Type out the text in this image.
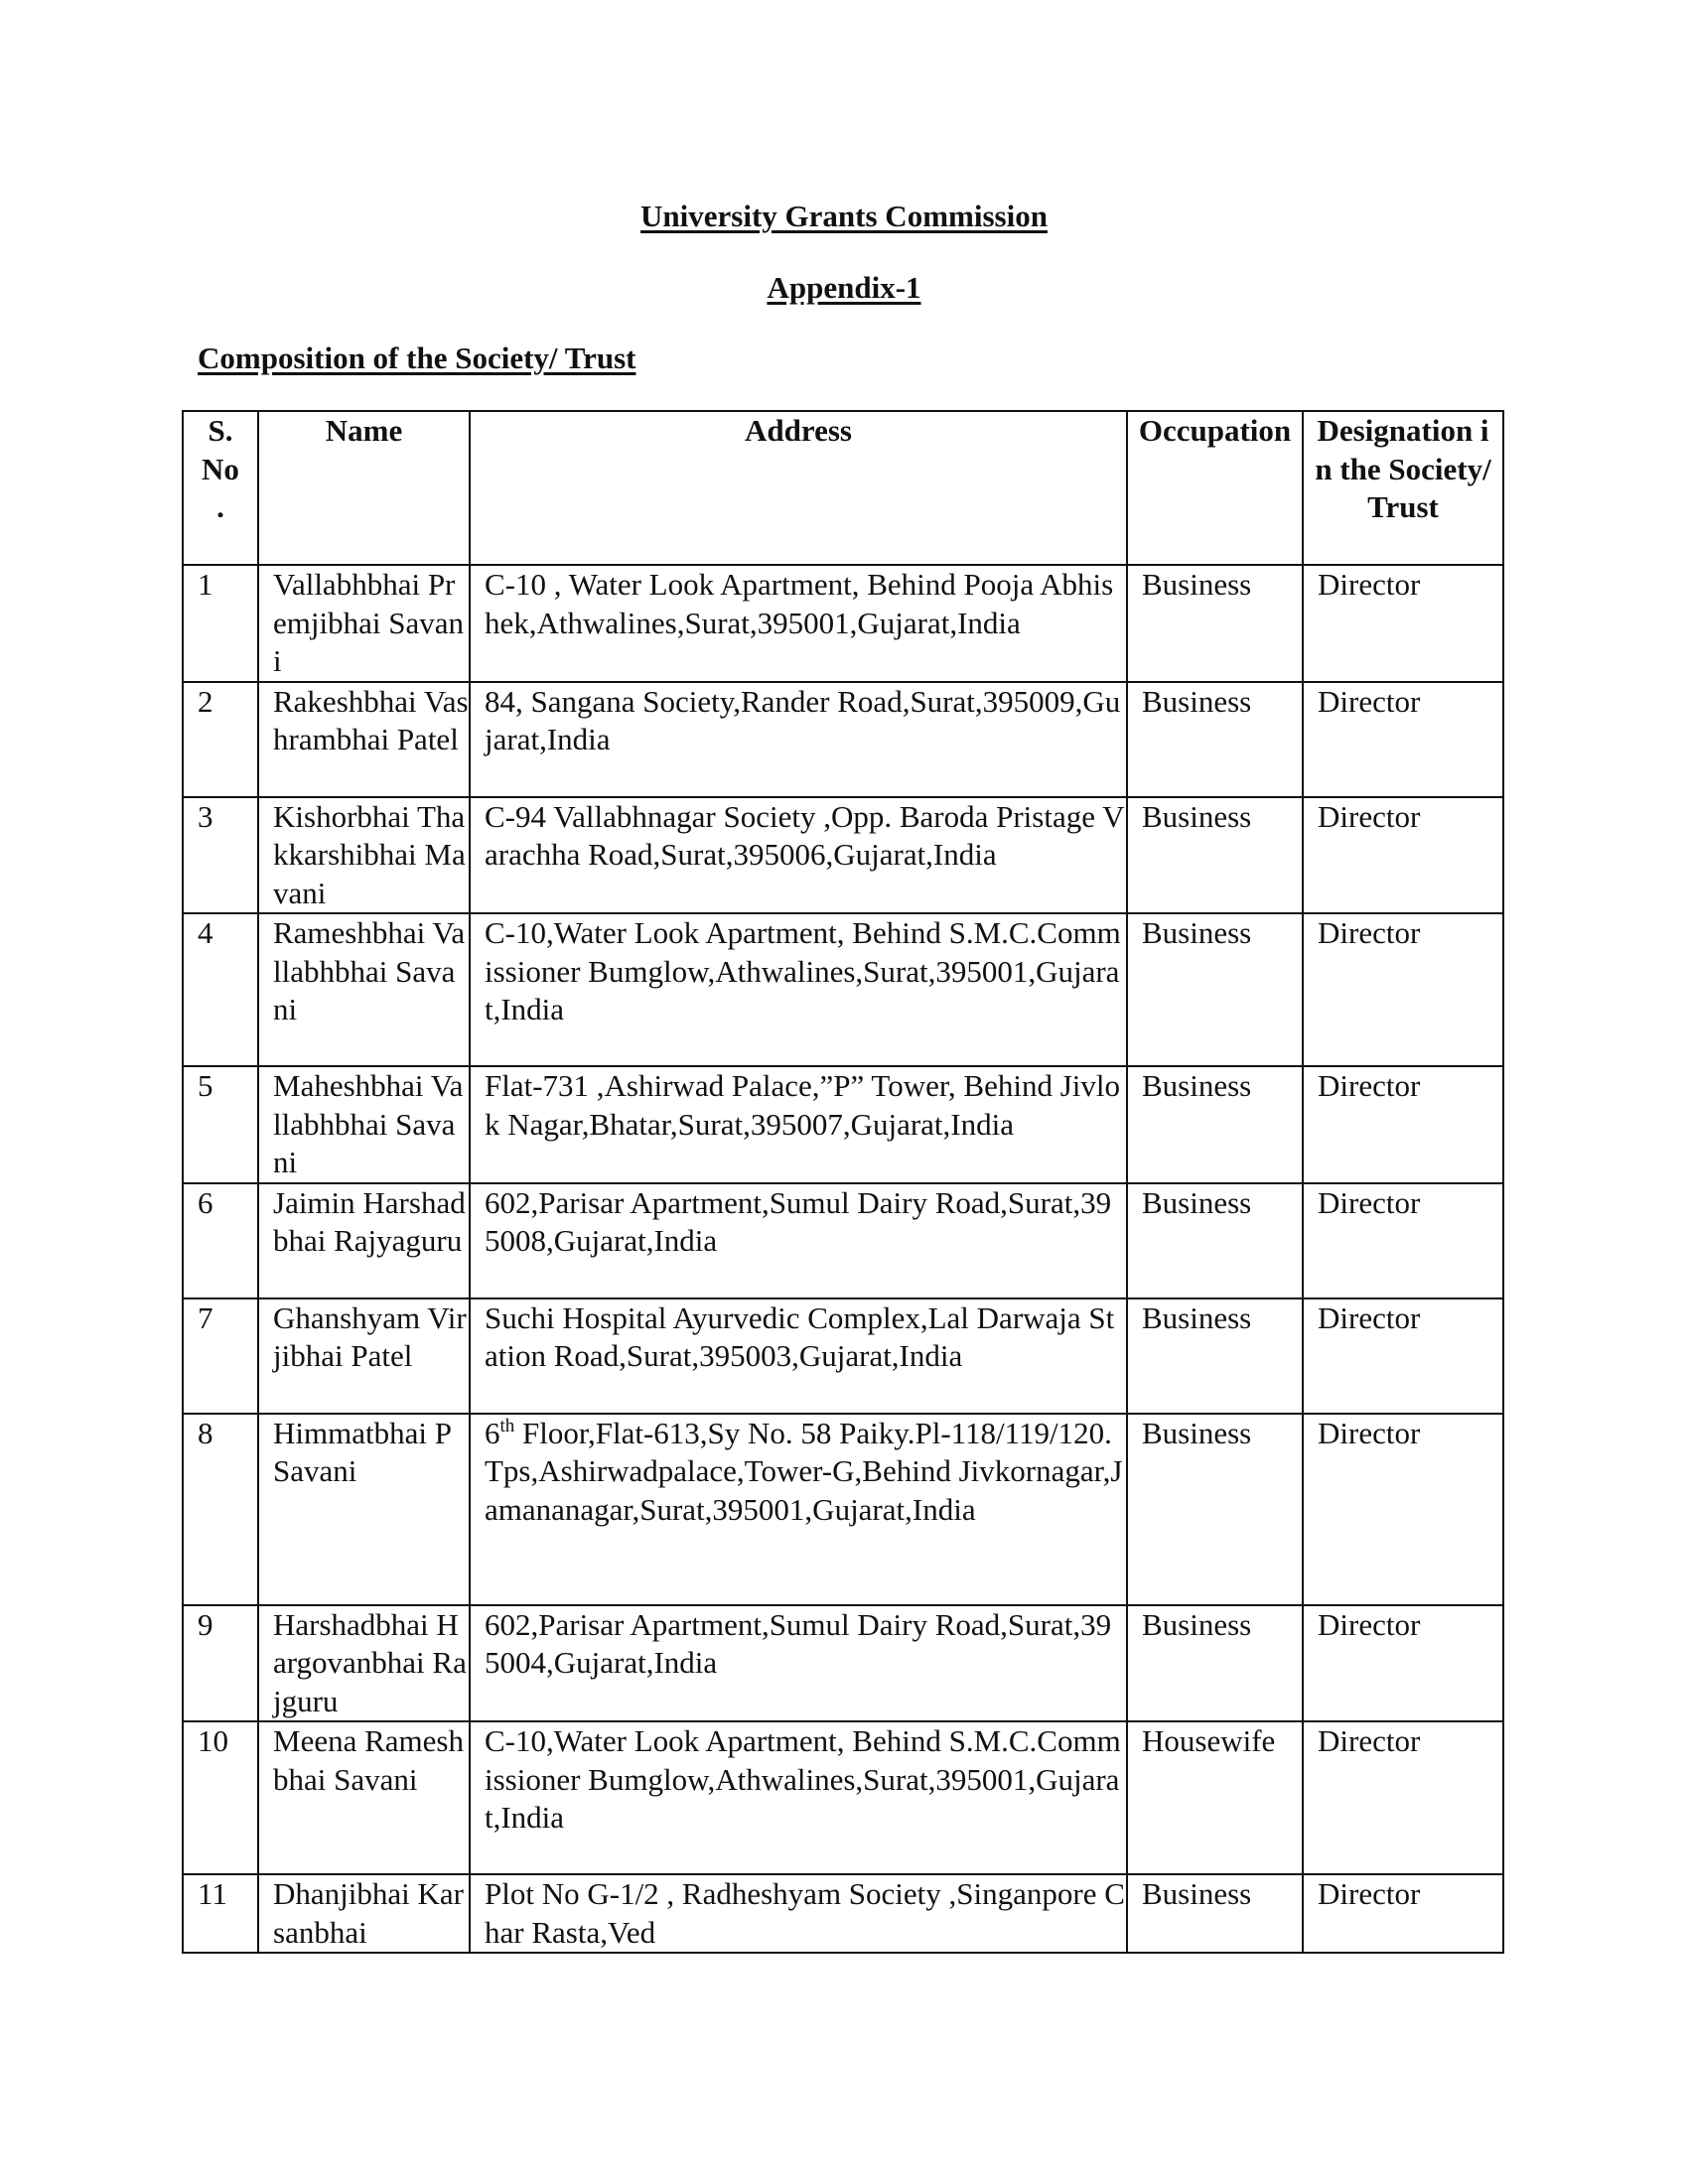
University Grants Commission
Appendix-1
Composition of the Society/ Trust
S. No .	Name	Address	Occupation	Designation in the Society/Trust
1	Vallabhbhai Premjibhai Savani	C-10 , Water Look Apartment, Behind Pooja Abhishek,Athwalines,Surat,395001,Gujarat,India	Business	Director
2	Rakeshbhai Vashrambhai Patel	84, Sangana Society,Rander Road,Surat,395009,Gujarat,India	Business	Director
3	Kishorbhai Thakkarshibhai Mavani	C-94 Vallabhnagar Society ,Opp. Baroda Pristage Varachha Road,Surat,395006,Gujarat,India	Business	Director
4	Rameshbhai Vallabhbhai Savani	C-10,Water Look Apartment, Behind S.M.C.Commissioner Bumglow,Athwalines,Surat,395001,Gujarat,India	Business	Director
5	Maheshbhai Vallabhbhai Savani	Flat-731 ,Ashirwad Palace,”P” Tower, Behind Jivlok Nagar,Bhatar,Surat,395007,Gujarat,India	Business	Director
6	Jaimin Harshadbhai Rajyaguru	602,Parisar Apartment,Sumul Dairy Road,Surat,395008,Gujarat,India	Business	Director
7	Ghanshyam Virjibhai Patel	Suchi Hospital Ayurvedic Complex,Lal Darwaja Station Road,Surat,395003,Gujarat,India	Business	Director
8	Himmatbhai P Savani	6th Floor,Flat-613,Sy No. 58 Paiky.Pl-118/119/120.Tps,Ashirwadpalace,Tower-G,Behind Jivkornagar,Jamananagar,Surat,395001,Gujarat,India	Business	Director
9	Harshadbhai Hargovanbhai Rajguru	602,Parisar Apartment,Sumul Dairy Road,Surat,395004,Gujarat,India	Business	Director
10	Meena Rameshbhai Savani	C-10,Water Look Apartment, Behind S.M.C.Commissioner Bumglow,Athwalines,Surat,395001,Gujarat,India	Housewife	Director
11	Dhanjibhai Karsanbhai	Plot No G-1/2 , Radheshyam Society ,Singanpore Char Rasta,Ved	Business	Director
